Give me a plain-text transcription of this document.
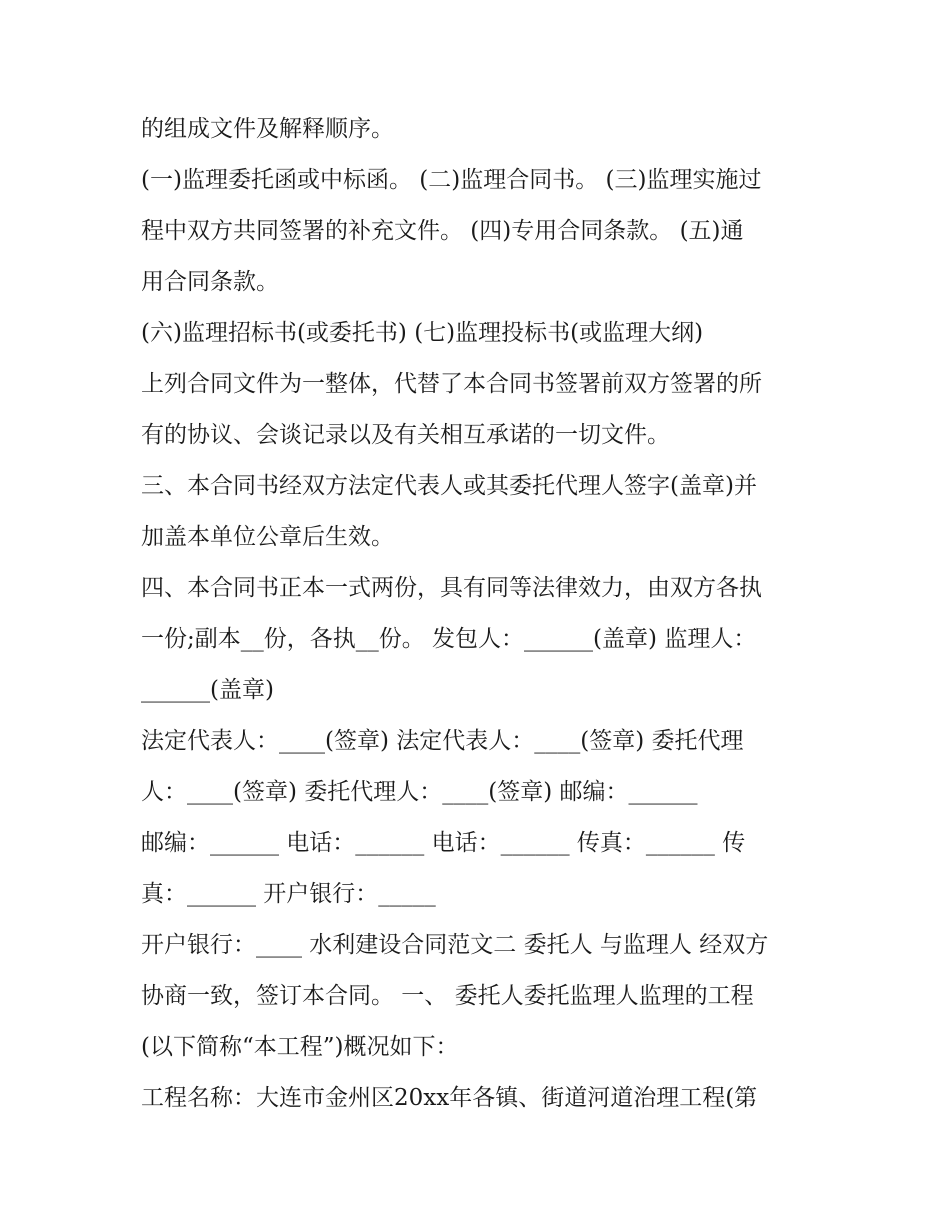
的组成文件及解释顺序。

(一)监理委托函或中标函。 (二)监理合同书。 (三)监理实施过

程中双方共同签署的补充文件。 (四)专用合同条款。 (五)通

用合同条款。

(六)监理招标书(或委托书) (七)监理投标书(或监理大纲)

上列合同文件为一整体，代替了本合同书签署前双方签署的所

有的协议、会谈记录以及有关相互承诺的一切文件。

三、本合同书经双方法定代表人或其委托代理人签字(盖章)并

加盖本单位公章后生效。

四、本合同书正本一式两份，具有同等法律效力，由双方各执

一份;副本__份，各执__份。 发包人：______(盖章) 监理人：

______(盖章)

法定代表人：____(签章) 法定代表人：____(签章) 委托代理

人：____(签章) 委托代理人：____(签章) 邮编：______

邮编：______ 电话：______ 电话：______ 传真：______ 传

真：______ 开户银行：_____

开户银行：____ 水利建设合同范文二 委托人 与监理人 经双方

协商一致，签订本合同。 一、 委托人委托监理人监理的工程

(以下简称“本工程”)概况如下：

工程名称：大连市金州区20xx年各镇、街道河道治理工程(第
